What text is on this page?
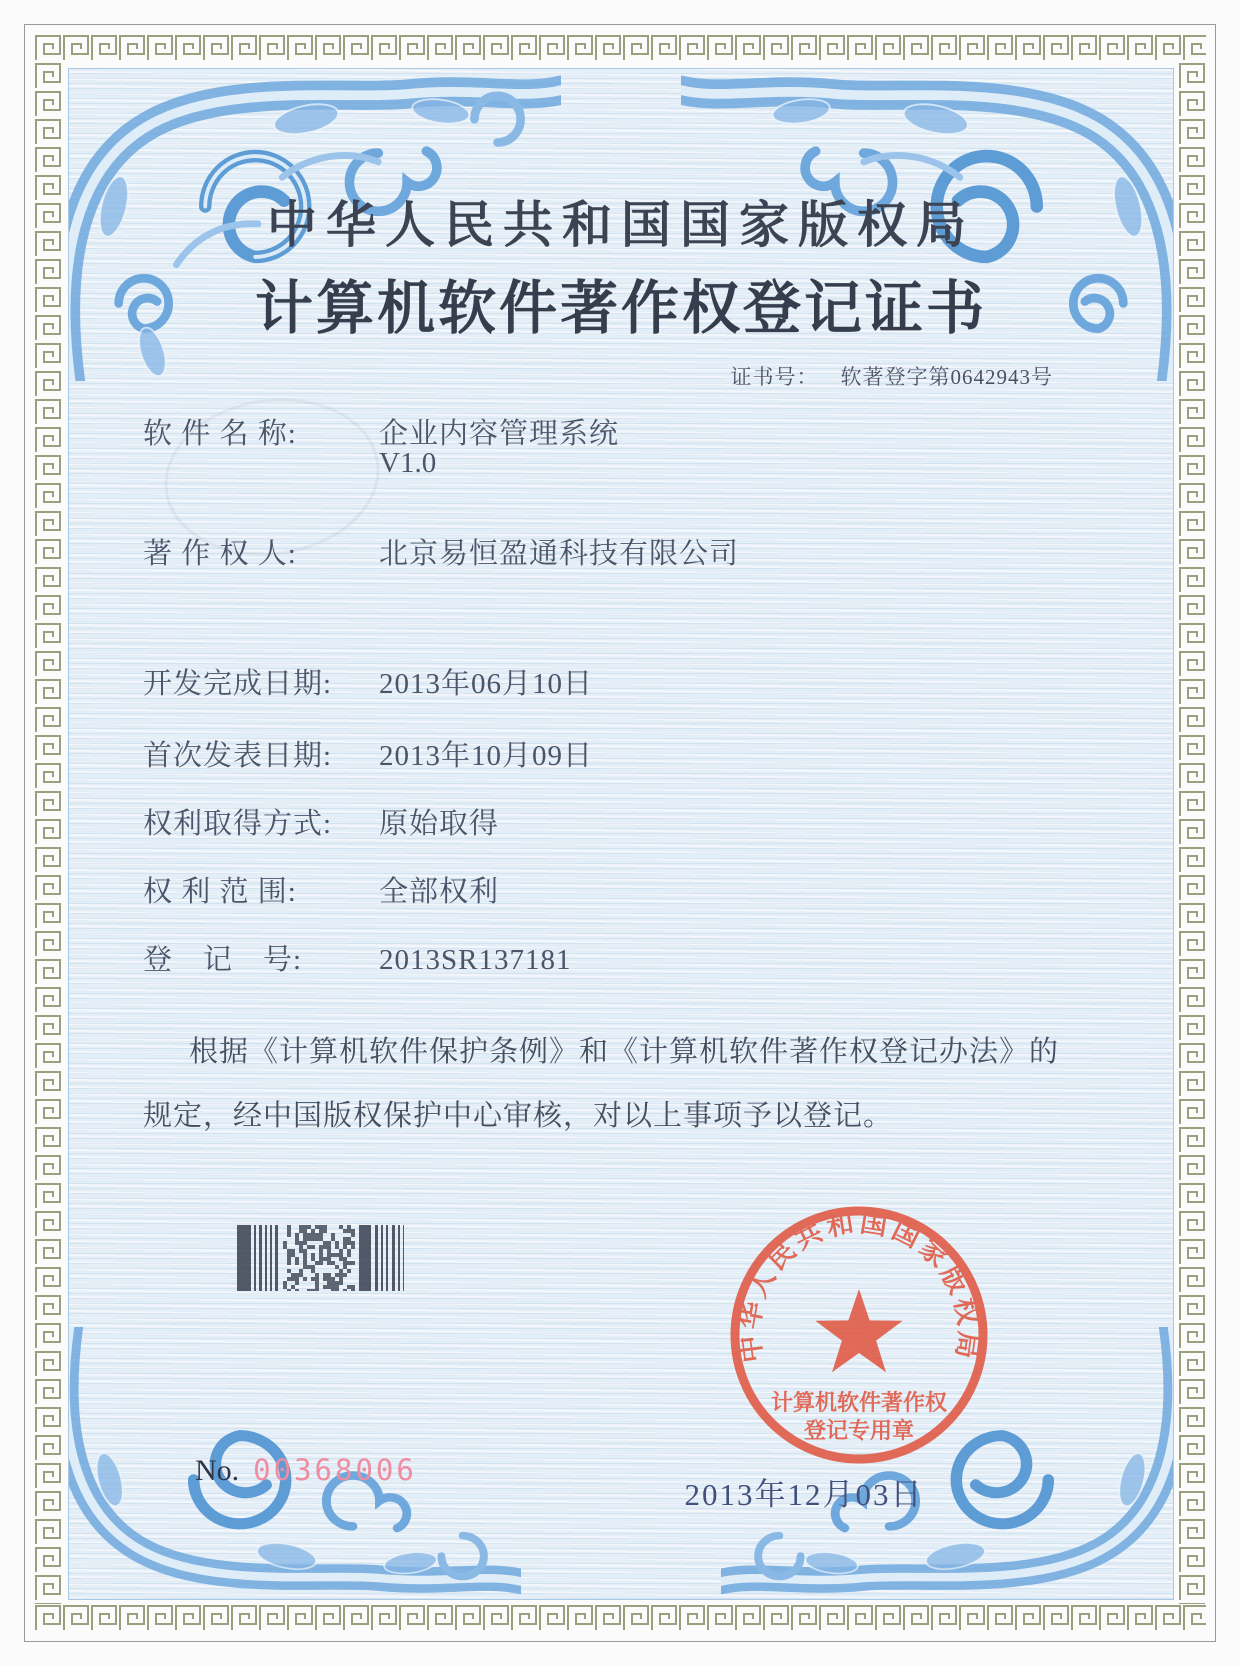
中华人民共和国国家版权局
计算机软件著作权登记证书
证书号： 软著登字第0642943号
软 件 名 称:	企业内容管理系统
V1.0
著 作 权 人:	北京易恒盈通科技有限公司
开发完成日期: 2013年06月10日
首次发表日期: 2013年10月09日
权利取得方式: 原始取得
权 利 范 围:	全部权利
登　记　号:	2013SR137181
根据《计算机软件保护条例》和《计算机软件著作权登记办法》的
规定，经中国版权保护中心审核，对以上事项予以登记。
No. 00368006
中华人民共和国国家版权局
计算机软件著作权
登记专用章
2013年12月03日
